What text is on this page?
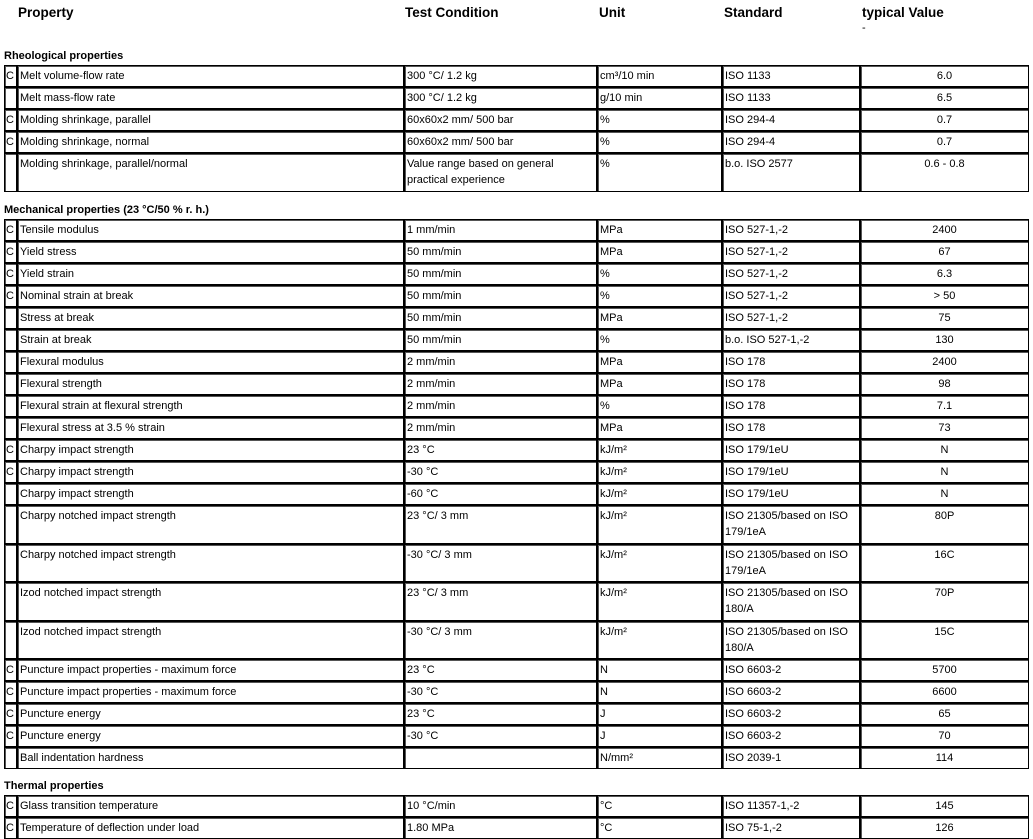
Property	Test Condition	Unit	Standard	typical Value
-
Rheological properties
C	Melt volume-flow rate	300 °C/ 1.2 kg	cm³/10 min	ISO 1133	6.0
	Melt mass-flow rate	300 °C/ 1.2 kg	g/10 min	ISO 1133	6.5
C	Molding shrinkage, parallel	60x60x2 mm/ 500 bar	%	ISO 294-4	0.7
C	Molding shrinkage, normal	60x60x2 mm/ 500 bar	%	ISO 294-4	0.7
	Molding shrinkage, parallel/normal	Value range based on general practical experience	%	b.o. ISO 2577	0.6 - 0.8
Mechanical properties (23 °C/50 % r. h.)
C	Tensile modulus	1 mm/min	MPa	ISO 527-1,-2	2400
C	Yield stress	50 mm/min	MPa	ISO 527-1,-2	67
C	Yield strain	50 mm/min	%	ISO 527-1,-2	6.3
C	Nominal strain at break	50 mm/min	%	ISO 527-1,-2	> 50
	Stress at break	50 mm/min	MPa	ISO 527-1,-2	75
	Strain at break	50 mm/min	%	b.o. ISO 527-1,-2	130
	Flexural modulus	2 mm/min	MPa	ISO 178	2400
	Flexural strength	2 mm/min	MPa	ISO 178	98
	Flexural strain at flexural strength	2 mm/min	%	ISO 178	7.1
	Flexural stress at 3.5 % strain	2 mm/min	MPa	ISO 178	73
C	Charpy impact strength	23 °C	kJ/m²	ISO 179/1eU	N
C	Charpy impact strength	-30 °C	kJ/m²	ISO 179/1eU	N
	Charpy impact strength	-60 °C	kJ/m²	ISO 179/1eU	N
	Charpy notched impact strength	23 °C/ 3 mm	kJ/m²	ISO 21305/based on ISO 179/1eA	80P
	Charpy notched impact strength	-30 °C/ 3 mm	kJ/m²	ISO 21305/based on ISO 179/1eA	16C
	Izod notched impact strength	23 °C/ 3 mm	kJ/m²	ISO 21305/based on ISO 180/A	70P
	Izod notched impact strength	-30 °C/ 3 mm	kJ/m²	ISO 21305/based on ISO 180/A	15C
C	Puncture impact properties - maximum force	23 °C	N	ISO 6603-2	5700
C	Puncture impact properties - maximum force	-30 °C	N	ISO 6603-2	6600
C	Puncture energy	23 °C	J	ISO 6603-2	65
C	Puncture energy	-30 °C	J	ISO 6603-2	70
	Ball indentation hardness		N/mm²	ISO 2039-1	114
Thermal properties
C	Glass transition temperature	10 °C/min	°C	ISO 11357-1,-2	145
C	Temperature of deflection under load	1.80 MPa	°C	ISO 75-1,-2	126
